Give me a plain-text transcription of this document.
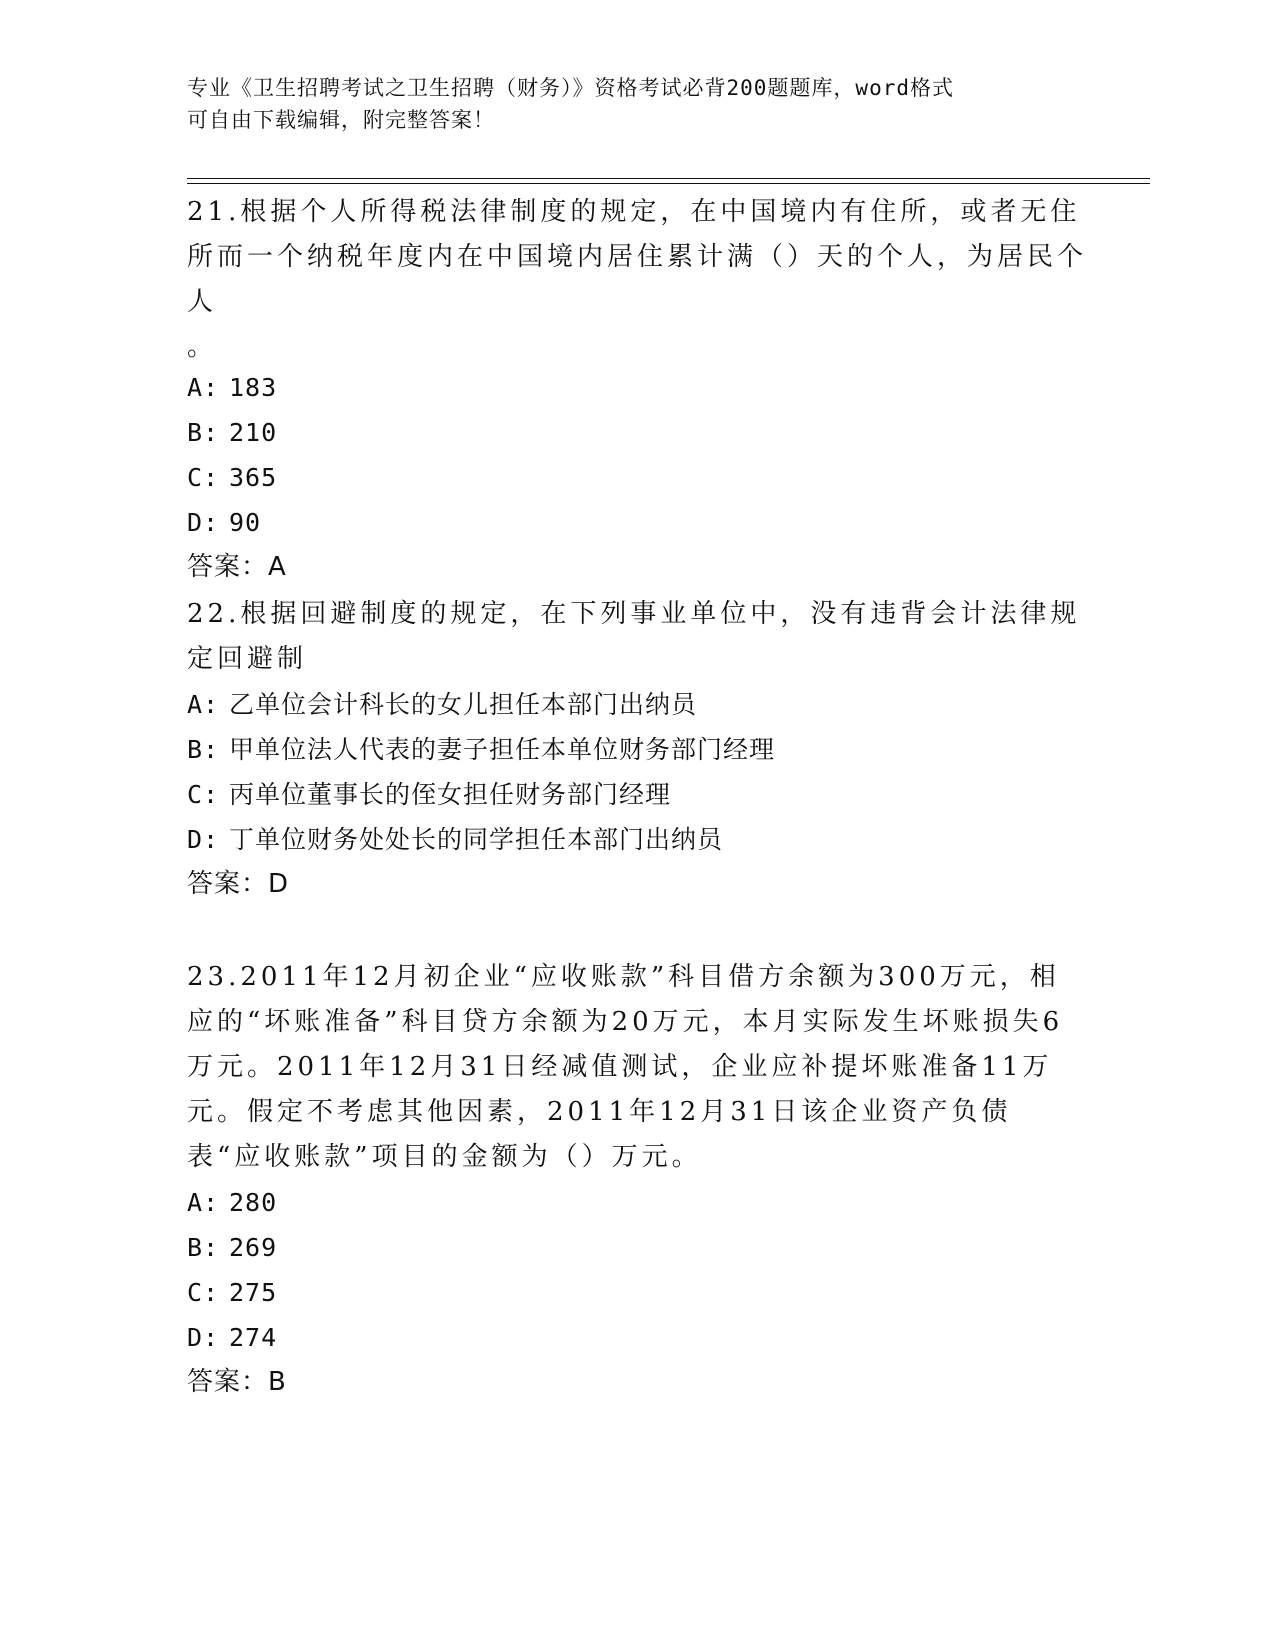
专业《卫生招聘考试之卫生招聘（财务）》资格考试必背200题题库，word格式
可自由下载编辑，附完整答案！

21.根据个人所得税法律制度的规定，在中国境内有住所，或者无住所而一个纳税年度内在中国境内居住累计满（）天的个人，为居民个人

。
A: 183
B: 210
C: 365
D: 90
答案：A

22.根据回避制度的规定，在下列事业单位中，没有违背会计法律规定回避制

A: 乙单位会计科长的女儿担任本部门出纳员
B: 甲单位法人代表的妻子担任本单位财务部门经理
C: 丙单位董事长的侄女担任财务部门经理
D: 丁单位财务处处长的同学担任本部门出纳员
答案：D

23.2011年12月初企业“应收账款”科目借方余额为300万元，相应的“坏账准备”科目贷方余额为20万元，本月实际发生坏账损失6万元。2011年12月31日经减值测试，企业应补提坏账准备11万元。假定不考虑其他因素，2011年12月31日该企业资产负债表“应收账款”项目的金额为（）万元。

A: 280
B: 269
C: 275
D: 274
答案：B
